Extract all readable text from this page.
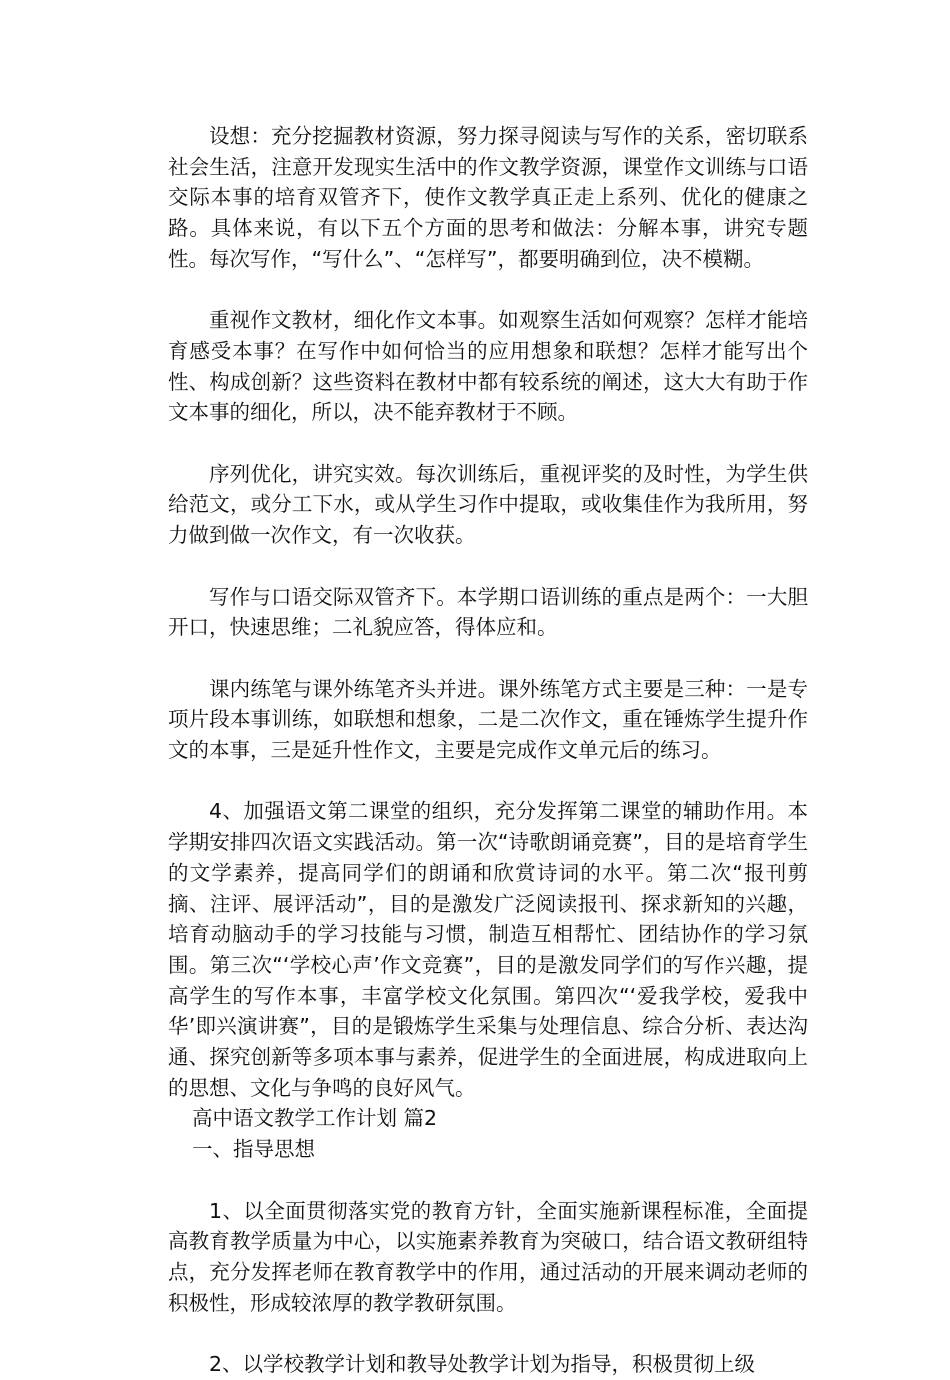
设想：充分挖掘教材资源，努力探寻阅读与写作的关系，密切联系社会生活，注意开发现实生活中的作文教学资源，课堂作文训练与口语交际本事的培育双管齐下，使作文教学真正走上系列、优化的健康之路。具体来说，有以下五个方面的思考和做法：分解本事，讲究专题性。每次写作，“写什么”、“怎样写”，都要明确到位，决不模糊。

重视作文教材，细化作文本事。如观察生活如何观察？怎样才能培育感受本事？在写作中如何恰当的应用想象和联想？怎样才能写出个性、构成创新？这些资料在教材中都有较系统的阐述，这大大有助于作文本事的细化，所以，决不能弃教材于不顾。

序列优化，讲究实效。每次训练后，重视评奖的及时性，为学生供给范文，或分工下水，或从学生习作中提取，或收集佳作为我所用，努力做到做一次作文，有一次收获。

写作与口语交际双管齐下。本学期口语训练的重点是两个：一大胆开口，快速思维；二礼貌应答，得体应和。

课内练笔与课外练笔齐头并进。课外练笔方式主要是三种：一是专项片段本事训练，如联想和想象，二是二次作文，重在锤炼学生提升作文的本事，三是延升性作文，主要是完成作文单元后的练习。

4、加强语文第二课堂的组织，充分发挥第二课堂的辅助作用。本学期安排四次语文实践活动。第一次“诗歌朗诵竞赛”，目的是培育学生的文学素养，提高同学们的朗诵和欣赏诗词的水平。第二次“报刊剪摘、注评、展评活动”，目的是激发广泛阅读报刊、探求新知的兴趣，培育动脑动手的学习技能与习惯，制造互相帮忙、团结协作的学习氛围。第三次“‘学校心声’作文竞赛”，目的是激发同学们的写作兴趣，提高学生的写作本事，丰富学校文化氛围。第四次“‘爱我学校，爱我中华’即兴演讲赛”，目的是锻炼学生采集与处理信息、综合分析、表达沟通、探究创新等多项本事与素养，促进学生的全面进展，构成进取向上的思想、文化与争鸣的良好风气。

高中语文教学工作计划 篇2

一、指导思想

1、以全面贯彻落实党的教育方针，全面实施新课程标准，全面提高教育教学质量为中心，以实施素养教育为突破口，结合语文教研组特点，充分发挥老师在教育教学中的作用，通过活动的开展来调动老师的积极性，形成较浓厚的教学教研氛围。

2、以学校教学计划和教导处教学计划为指导，积极贯彻上级
